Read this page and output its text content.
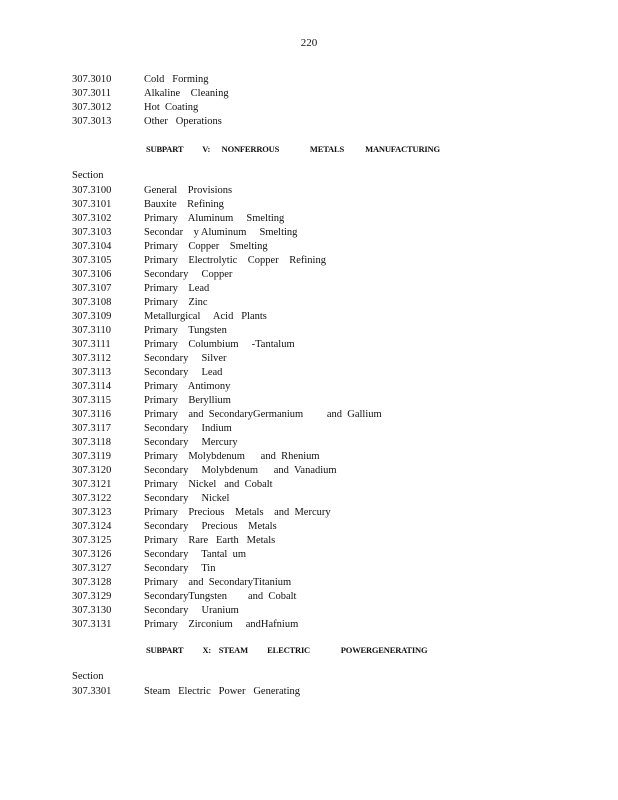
220
307.3010	Cold   Forming
307.3011	Alkaline    Cleaning
307.3012	Hot  Coating
307.3013	Other   Operations
SUBPART          V:      NONFERROUS                METALS           MANUFACTURING
Section
307.3100	General    Provisions
307.3101	Bauxite    Refining
307.3102	Primary    Aluminum     Smelting
307.3103	Secondar    y Aluminum     Smelting
307.3104	Primary    Copper    Smelting
307.3105	Primary    Electrolytic    Copper    Refining
307.3106	Secondary     Copper
307.3107	Primary    Lead
307.3108	Primary    Zinc
307.3109	Metallurgical     Acid   Plants
307.3110	Primary    Tungsten
307.3111	Primary    Columbium     -Tantalum
307.3112	Secondary     Silver
307.3113	Secondary     Lead
307.3114	Primary    Antimony
307.3115	Primary    Beryllium
307.3116	Primary    and  SecondaryGermanium         and  Gallium
307.3117	Secondary     Indium
307.3118	Secondary     Mercury
307.3119	Primary    Molybdenum      and  Rhenium
307.3120	Secondary     Molybdenum      and  Vanadium
307.3121	Primary    Nickel   and  Cobalt
307.3122	Secondary     Nickel
307.3123	Primary    Precious    Metals    and  Mercury
307.3124	Secondary     Precious    Metals
307.3125	Primary    Rare   Earth   Metals
307.3126	Secondary     Tantal  um
307.3127	Secondary     Tin
307.3128	Primary    and  SecondaryTitanium
307.3129	SecondaryTungsten        and  Cobalt
307.3130	Secondary     Uranium
307.3131	Primary    Zirconium     andHafnium
SUBPART          X:    STEAM          ELECTRIC                POWERGENERATING
Section
307.3301	Steam   Electric   Power   Generating
